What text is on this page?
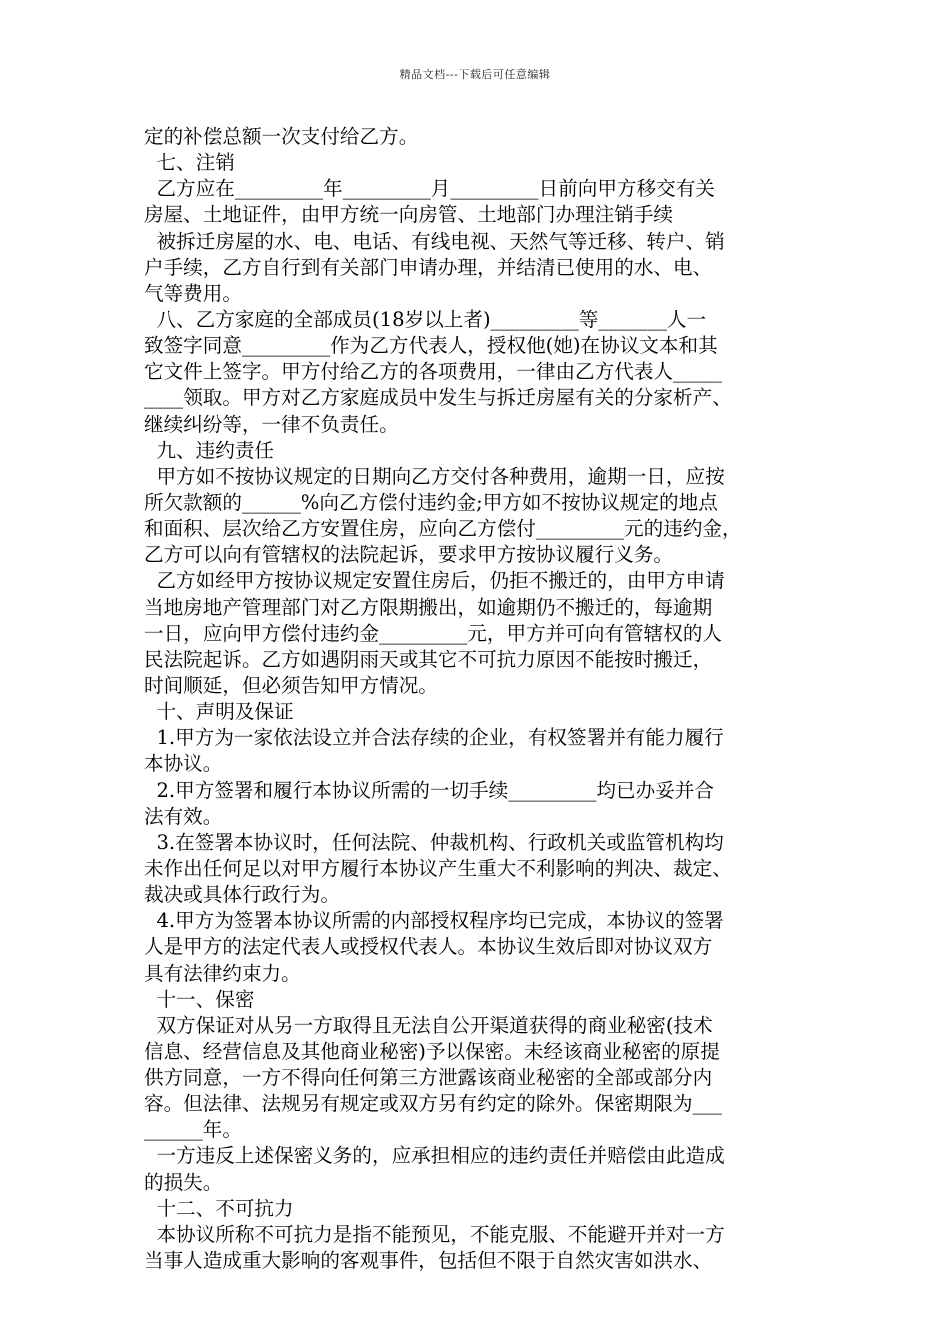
精品文档---下载后可任意编辑
定的补偿总额一次支付给乙方。
七、注销
乙方应在_________年_________月_________日前向甲方移交有关
房屋、土地证件，由甲方统一向房管、土地部门办理注销手续
被拆迁房屋的水、电、电话、有线电视、天然气等迁移、转户、销
户手续，乙方自行到有关部门申请办理，并结清已使用的水、电、
气等费用。
八、乙方家庭的全部成员(18岁以上者)_________等_______人一
致签字同意_________作为乙方代表人，授权他(她)在协议文本和其
它文件上签字。甲方付给乙方的各项费用，一律由乙方代表人_____
____领取。甲方对乙方家庭成员中发生与拆迁房屋有关的分家析产、
继续纠纷等，一律不负责任。
九、违约责任
甲方如不按协议规定的日期向乙方交付各种费用，逾期一日，应按
所欠款额的______%向乙方偿付违约金;甲方如不按协议规定的地点
和面积、层次给乙方安置住房，应向乙方偿付_________元的违约金，
乙方可以向有管辖权的法院起诉，要求甲方按协议履行义务。
乙方如经甲方按协议规定安置住房后，仍拒不搬迁的，由甲方申请
当地房地产管理部门对乙方限期搬出，如逾期仍不搬迁的，每逾期
一日，应向甲方偿付违约金_________元，甲方并可向有管辖权的人
民法院起诉。乙方如遇阴雨天或其它不可抗力原因不能按时搬迁，
时间顺延，但必须告知甲方情况。
十、声明及保证
1.甲方为一家依法设立并合法存续的企业，有权签署并有能力履行
本协议。
2.甲方签署和履行本协议所需的一切手续_________均已办妥并合
法有效。
3.在签署本协议时，任何法院、仲裁机构、行政机关或监管机构均
未作出任何足以对甲方履行本协议产生重大不利影响的判决、裁定、
裁决或具体行政行为。
4.甲方为签署本协议所需的内部授权程序均已完成，本协议的签署
人是甲方的法定代表人或授权代表人。本协议生效后即对协议双方
具有法律约束力。
十一、保密
双方保证对从另一方取得且无法自公开渠道获得的商业秘密(技术
信息、经营信息及其他商业秘密)予以保密。未经该商业秘密的原提
供方同意，一方不得向任何第三方泄露该商业秘密的全部或部分内
容。但法律、法规另有规定或双方另有约定的除外。保密期限为___
______年。
一方违反上述保密义务的，应承担相应的违约责任并赔偿由此造成
的损失。
十二、不可抗力
本协议所称不可抗力是指不能预见，不能克服、不能避开并对一方
当事人造成重大影响的客观事件，包括但不限于自然灾害如洪水、
